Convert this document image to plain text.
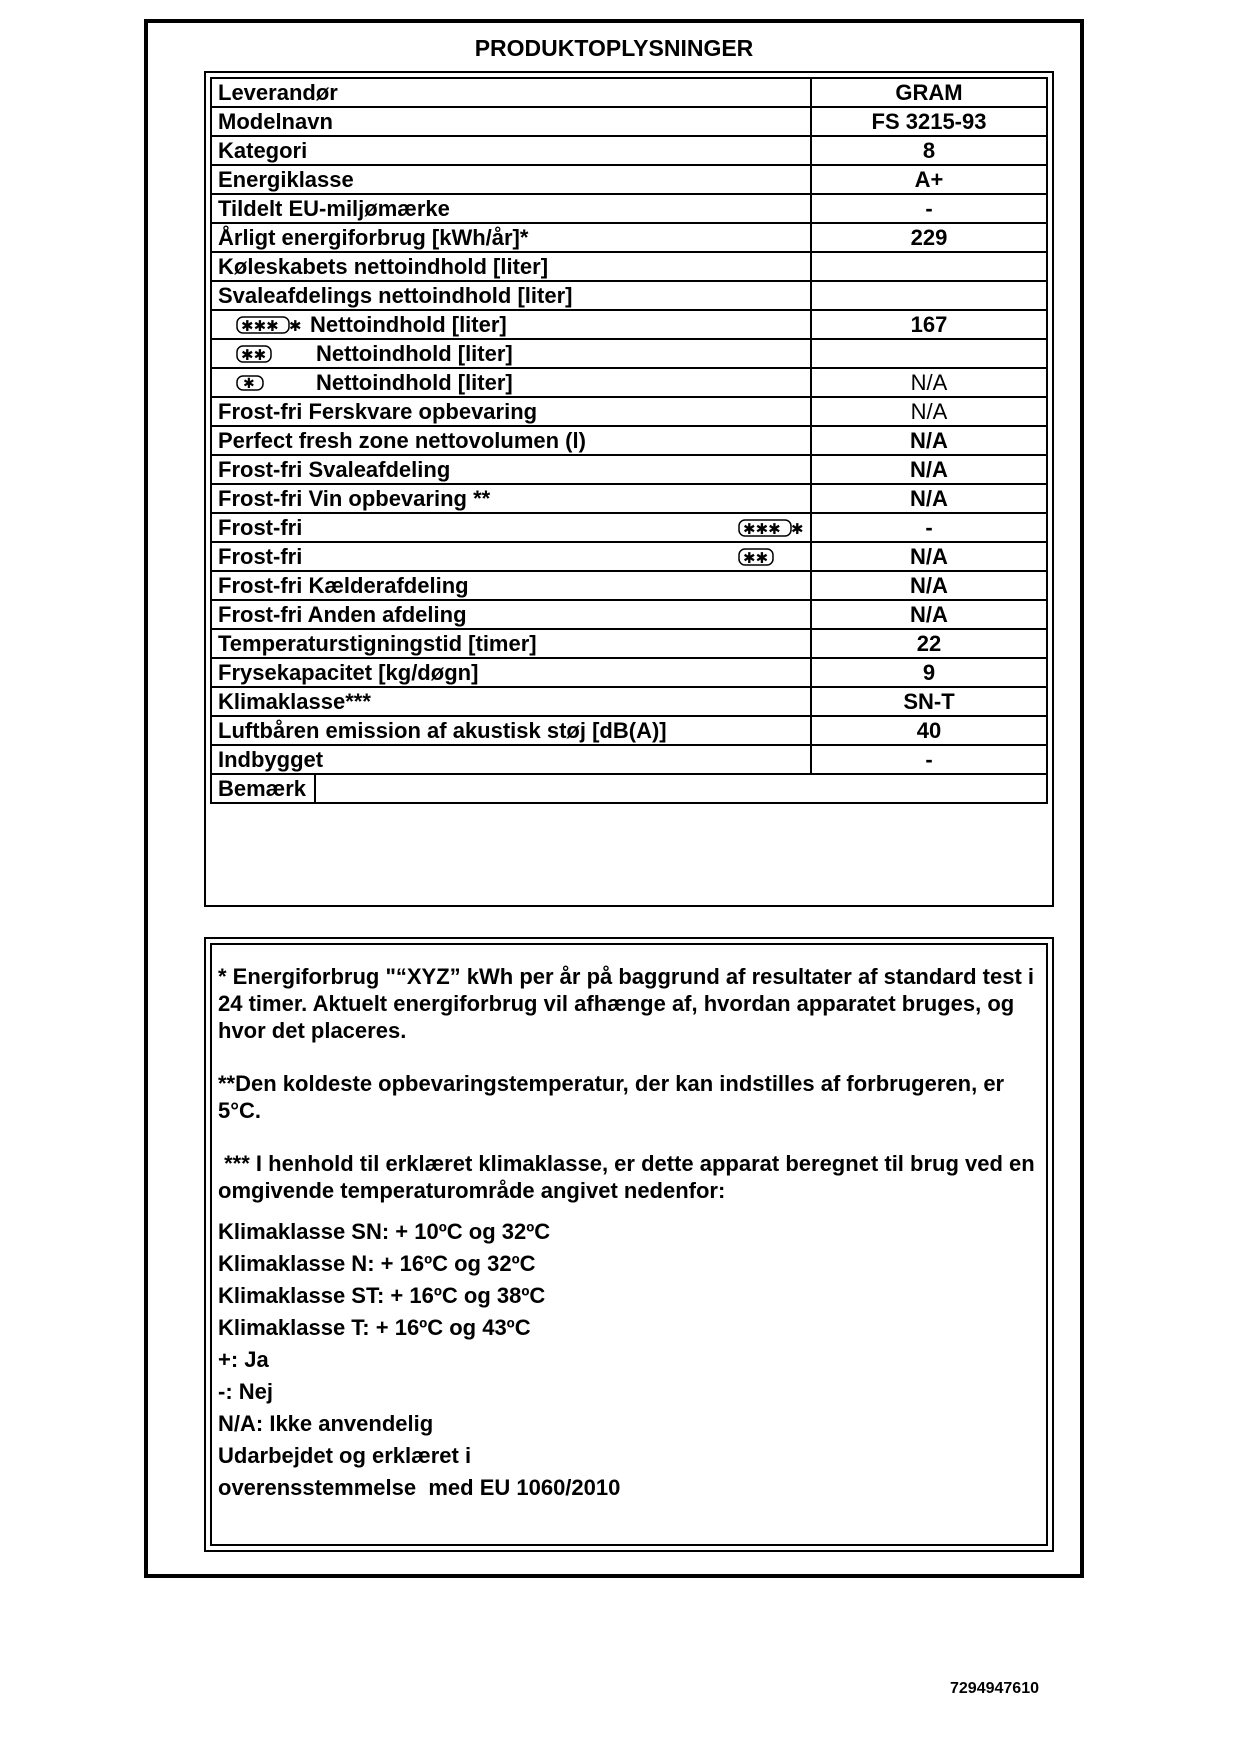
PRODUKTOPLYSNINGER
Leverandør	GRAM
Modelnavn	FS 3215-93
Kategori	8
Energiklasse	A+
Tildelt EU-miljømærke	-
Årligt energiforbrug [kWh/år]*	229
Køleskabets nettoindhold [liter]	
Svaleafdelings nettoindhold [liter]	

✱✱✱ ✱ Nettoindhold [liter]	167

✱✱ Nettoindhold [liter]	

✱ Nettoindhold [liter]	N/A
Frost-fri Ferskvare opbevaring	N/A
Perfect fresh zone nettovolumen (l)	N/A
Frost-fri Svaleafdeling	N/A
Frost-fri Vin opbevaring **	N/A

Frost-fri ✱✱✱ ✱	-

Frost-fri ✱✱	N/A
Frost-fri Kælderafdeling	N/A
Frost-fri Anden afdeling	N/A
Temperaturstigningstid [timer]	22
Frysekapacitet [kg/døgn]	9
Klimaklasse***	SN-T
Luftbåren emission af akustisk støj [dB(A)]	40
Indbygget	-

Bemærk	

* Energiforbrug "“XYZ” kWh per år på baggrund af resultater af standard test i 24 timer. Aktuelt energiforbrug vil afhænge af, hvordan apparatet bruges, og hvor det placeres.

**Den koldeste opbevaringstemperatur, der kan indstilles af forbrugeren, er 5°C.

*** I henhold til erklæret klimaklasse, er dette apparat beregnet til brug ved en omgivende temperaturområde angivet nedenfor:

Klimaklasse SN: + 10ºC og 32ºC

Klimaklasse N: + 16ºC og 32ºC

Klimaklasse ST: + 16ºC og 38ºC

Klimaklasse T: + 16ºC og 43ºC

+: Ja

-: Nej

N/A: Ikke anvendelig

Udarbejdet og erklæret i

overensstemmelse  med EU 1060/2010

7294947610
